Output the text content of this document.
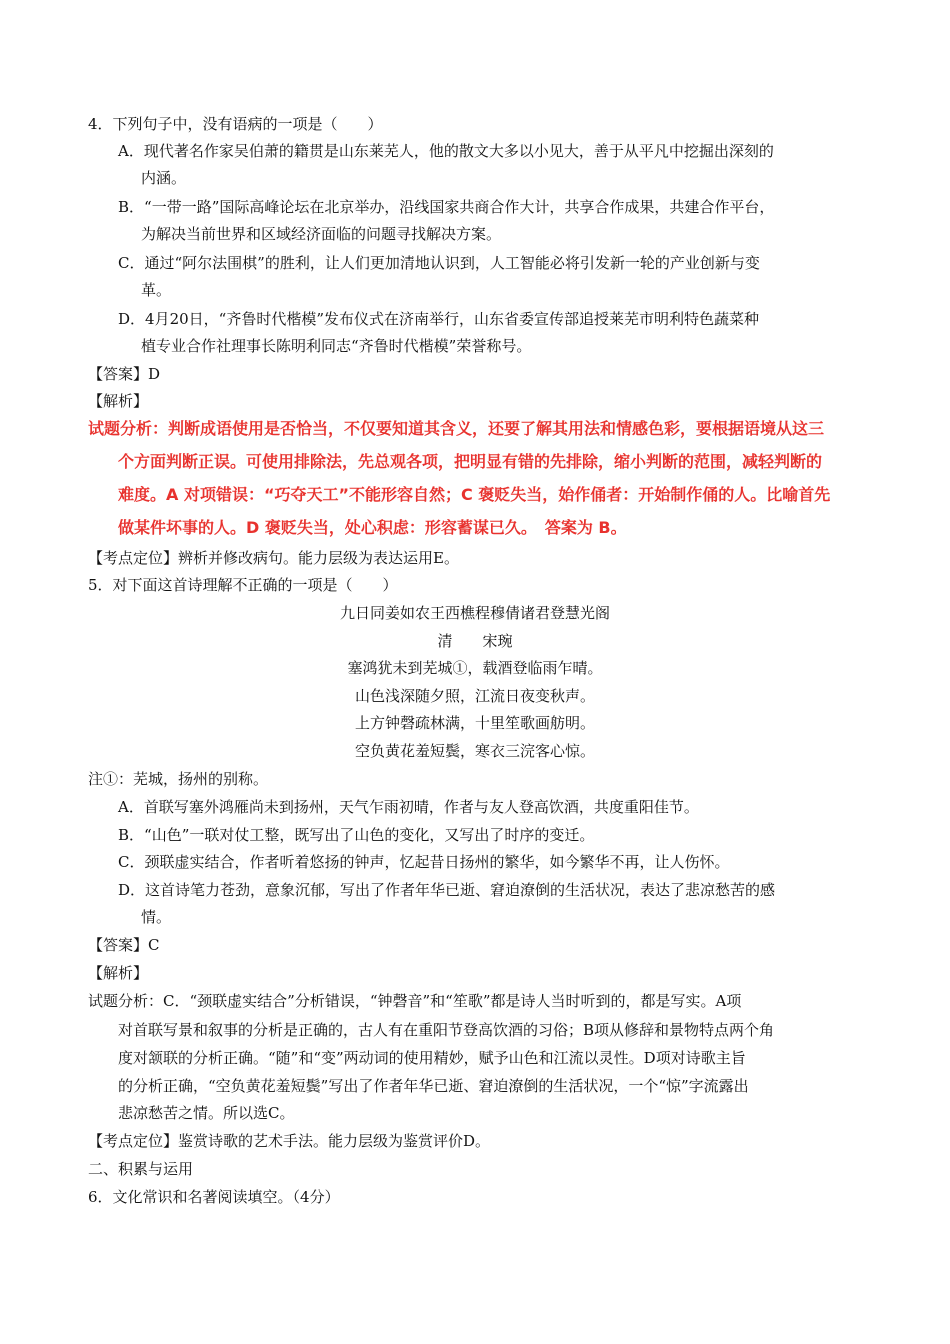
4．下列句子中，没有语病的一项是（　　）
A．现代著名作家吴伯萧的籍贯是山东莱芜人，他的散文大多以小见大，善于从平凡中挖掘出深刻的
内涵。
B．“一带一路”国际高峰论坛在北京举办，沿线国家共商合作大计，共享合作成果，共建合作平台，
为解决当前世界和区域经济面临的问题寻找解决方案。
C．通过“阿尔法围棋”的胜利，让人们更加清地认识到，人工智能必将引发新一轮的产业创新与变
革。
D．4月20日，“齐鲁时代楷模”发布仪式在济南举行，山东省委宣传部追授莱芜市明利特色蔬菜种
植专业合作社理事长陈明利同志“齐鲁时代楷模”荣誉称号。
【答案】D
【解析】
试题分析：判断成语使用是否恰当，不仅要知道其含义，还要了解其用法和情感色彩，要根据语境从这三
个方面判断正误。可使用排除法，先总观各项，把明显有错的先排除，缩小判断的范围，减轻判断的
难度。A 对项错误：“巧夺天工”不能形容自然；C 褒贬失当，始作俑者：开始制作俑的人。比喻首先
做某件坏事的人。D 褒贬失当，处心积虑：形容蓄谋已久。　答案为 B。
【考点定位】辨析并修改病句。能力层级为表达运用E。
5．对下面这首诗理解不正确的一项是（　　）
九日同姜如农王西樵程穆倩诸君登慧光阁
清　　宋琬
塞鸿犹未到芜城①，载酒登临雨乍晴。
山色浅深随夕照，江流日夜变秋声。
上方钟磬疏林满，十里笙歌画舫明。
空负黄花羞短鬓，寒衣三浣客心惊。
注①：芜城，扬州的别称。
A．首联写塞外鸿雁尚未到扬州，天气乍雨初晴，作者与友人登高饮酒，共度重阳佳节。
B．“山色”一联对仗工整，既写出了山色的变化，又写出了时序的变迁。
C．颈联虚实结合，作者听着悠扬的钟声，忆起昔日扬州的繁华，如今繁华不再，让人伤怀。
D．这首诗笔力苍劲，意象沉郁，写出了作者年华已逝、窘迫潦倒的生活状况，表达了悲凉愁苦的感
情。
【答案】C
【解析】
试题分析：C．“颈联虚实结合”分析错误，“钟磬音”和“笙歌”都是诗人当时听到的，都是写实。A项
对首联写景和叙事的分析是正确的，古人有在重阳节登高饮酒的习俗；B项从修辞和景物特点两个角
度对颔联的分析正确。“随”和“变”两动词的使用精妙，赋予山色和江流以灵性。D项对诗歌主旨
的分析正确，“空负黄花羞短鬓”写出了作者年华已逝、窘迫潦倒的生活状况，一个“惊”字流露出
悲凉愁苦之情。所以选C。
【考点定位】鉴赏诗歌的艺术手法。能力层级为鉴赏评价D。
二、积累与运用
6．文化常识和名著阅读填空。（4分）
